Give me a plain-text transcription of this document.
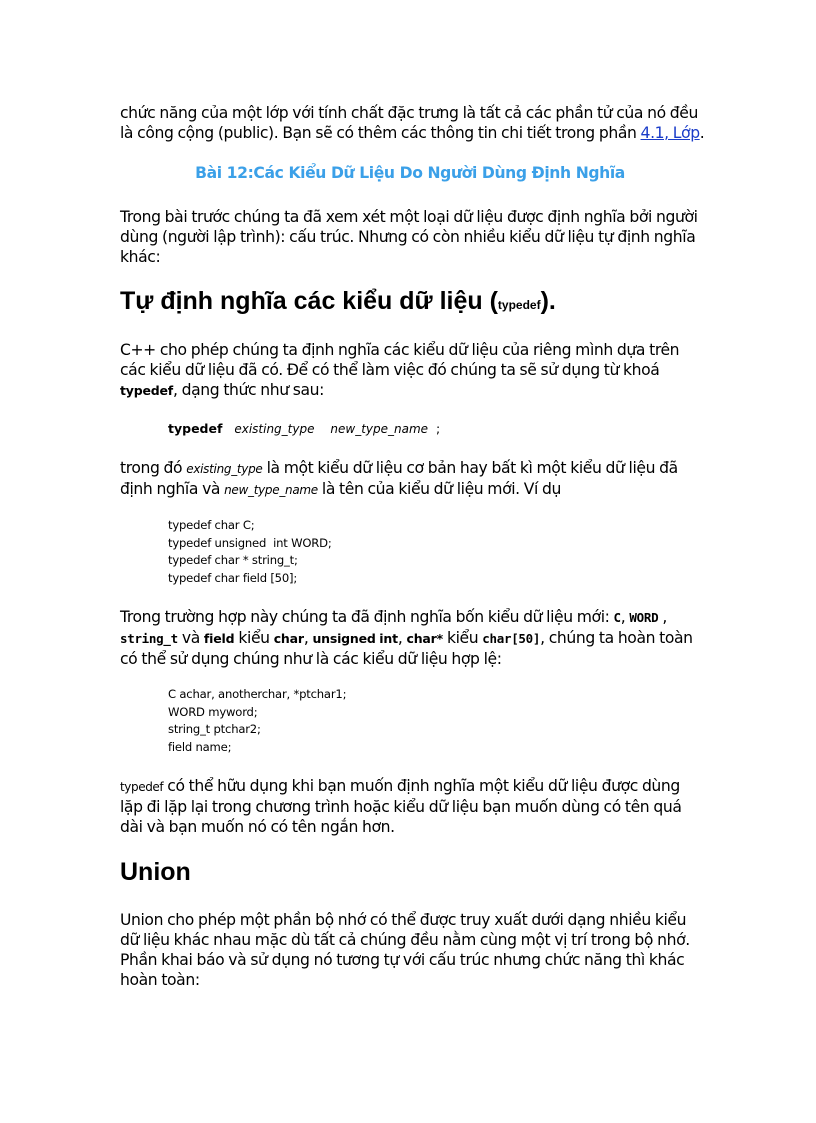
chức năng của một lớp với tính chất đặc trưng là tất cả các phần tử của nó đều
là công cộng (public). Bạn sẽ có thêm các thông tin chi tiết trong phần 4.1, Lớp.

Bài 12:Các Kiểu Dữ Liệu Do Người Dùng Định Nghĩa

Trong bài trước chúng ta đã xem xét một loại dữ liệu được định nghĩa bởi người dùng (người lập trình): cấu trúc. Nhưng có còn nhiều kiểu dữ liệu tự định nghĩa khác:

Tự định nghĩa các kiểu dữ liệu (typedef).

C++ cho phép chúng ta định nghĩa các kiểu dữ liệu của riêng mình dựa trên các kiểu dữ liệu đã có. Để có thể làm việc đó chúng ta sẽ sử dụng từ khoá typedef, dạng thức như sau:

typedef existing_type new_type_name ;

trong đó existing_type là một kiểu dữ liệu cơ bản hay bất kì một kiểu dữ liệu đã định nghĩa và new_type_name là tên của kiểu dữ liệu mới. Ví dụ

typedef char C;
typedef unsigned  int WORD;
typedef char * string_t;
typedef char field [50];

Trong trường hợp này chúng ta đã định nghĩa bốn kiểu dữ liệu mới: C, WORD ,
string_t và field kiểu char, unsigned int, char* kiểu char[50], chúng ta hoàn toàn có thể sử dụng chúng như là các kiểu dữ liệu hợp lệ:

C achar, anotherchar, *ptchar1;
WORD myword;
string_t ptchar2;
field name;

typedef có thể hữu dụng khi bạn muốn định nghĩa một kiểu dữ liệu được dùng lặp đi lặp lại trong chương trình hoặc kiểu dữ liệu bạn muốn dùng có tên quá dài và bạn muốn nó có tên ngắn hơn.

Union

Union cho phép một phần bộ nhớ có thể được truy xuất dưới dạng nhiều kiểu dữ liệu khác nhau mặc dù tất cả chúng đều nằm cùng một vị trí trong bộ nhớ. Phần khai báo và sử dụng nó tương tự với cấu trúc nhưng chức năng thì khác hoàn toàn:
